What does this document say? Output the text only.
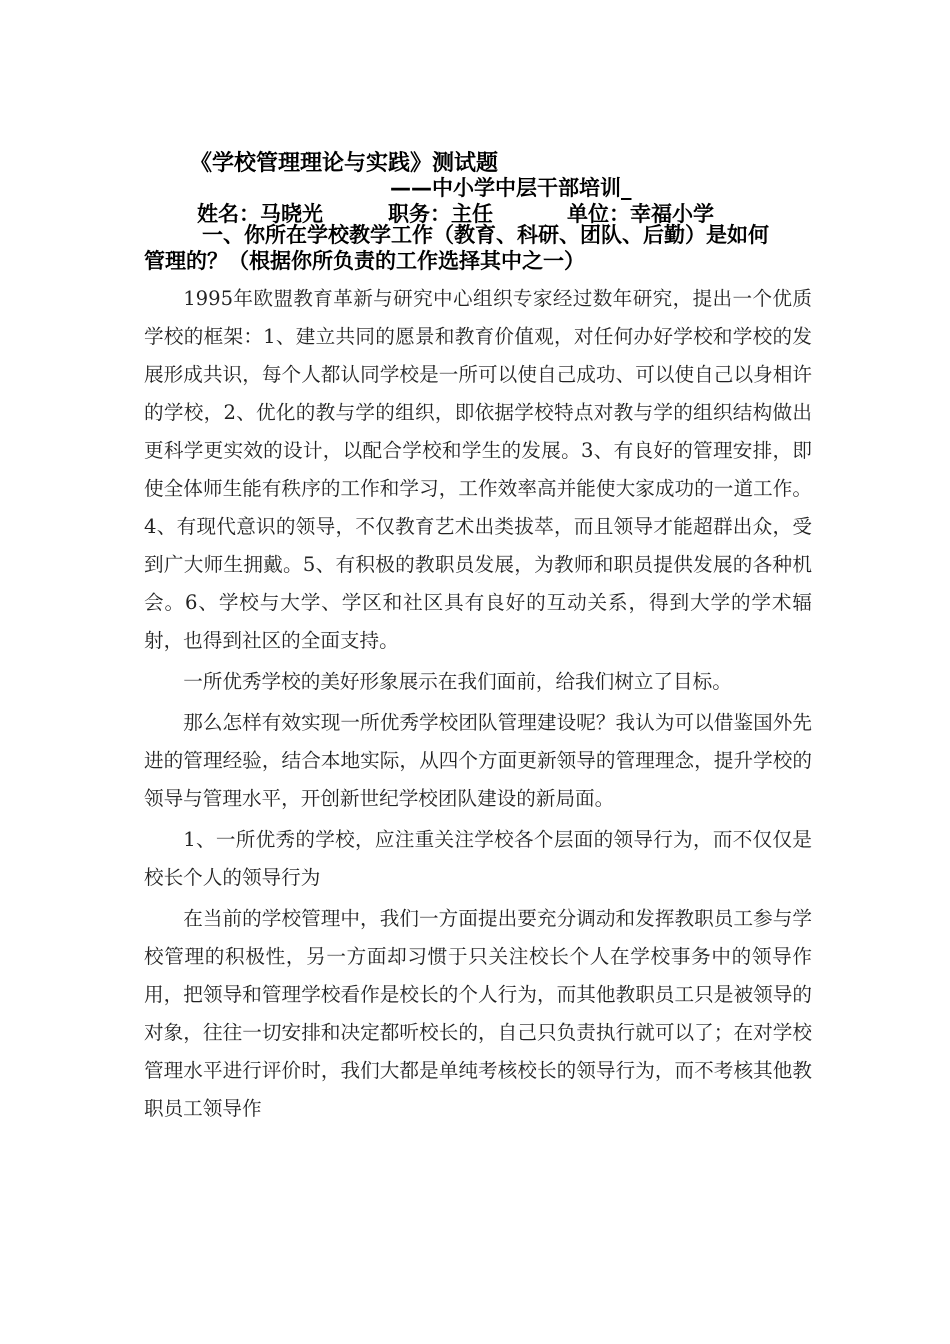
《学校管理理论与实践》测试题
——中小学中层干部培训_
姓名：马晓光	职务：主任	单位：幸福小学
一、你所在学校教学工作（教育、科研、团队、后勤）是如何
管理的？（根据你所负责的工作选择其中之一）

1995年欧盟教育革新与研究中心组织专家经过数年研究，提出一个优质学校的框架：1、建立共同的愿景和教育价值观，对任何办好学校和学校的发展形成共识，每个人都认同学校是一所可以使自己成功、可以使自己以身相许的学校，2、优化的教与学的组织，即依据学校特点对教与学的组织结构做出更科学更实效的设计，以配合学校和学生的发展。3、有良好的管理安排，即使全体师生能有秩序的工作和学习，工作效率高并能使大家成功的一道工作。4、有现代意识的领导，不仅教育艺术出类拔萃，而且领导才能超群出众，受到广大师生拥戴。5、有积极的教职员发展，为教师和职员提供发展的各种机会。6、学校与大学、学区和社区具有良好的互动关系，得到大学的学术辐射，也得到社区的全面支持。

一所优秀学校的美好形象展示在我们面前，给我们树立了目标。

那么怎样有效实现一所优秀学校团队管理建设呢？我认为可以借鉴国外先进的管理经验，结合本地实际，从四个方面更新领导的管理理念，提升学校的领导与管理水平，开创新世纪学校团队建设的新局面。

1、一所优秀的学校，应注重关注学校各个层面的领导行为，而不仅仅是校长个人的领导行为

在当前的学校管理中，我们一方面提出要充分调动和发挥教职员工参与学校管理的积极性，另一方面却习惯于只关注校长个人在学校事务中的领导作用，把领导和管理学校看作是校长的个人行为，而其他教职员工只是被领导的对象，往往一切安排和决定都听校长的，自己只负责执行就可以了；在对学校管理水平进行评价时，我们大都是单纯考核校长的领导行为，而不考核其他教职员工领导作
